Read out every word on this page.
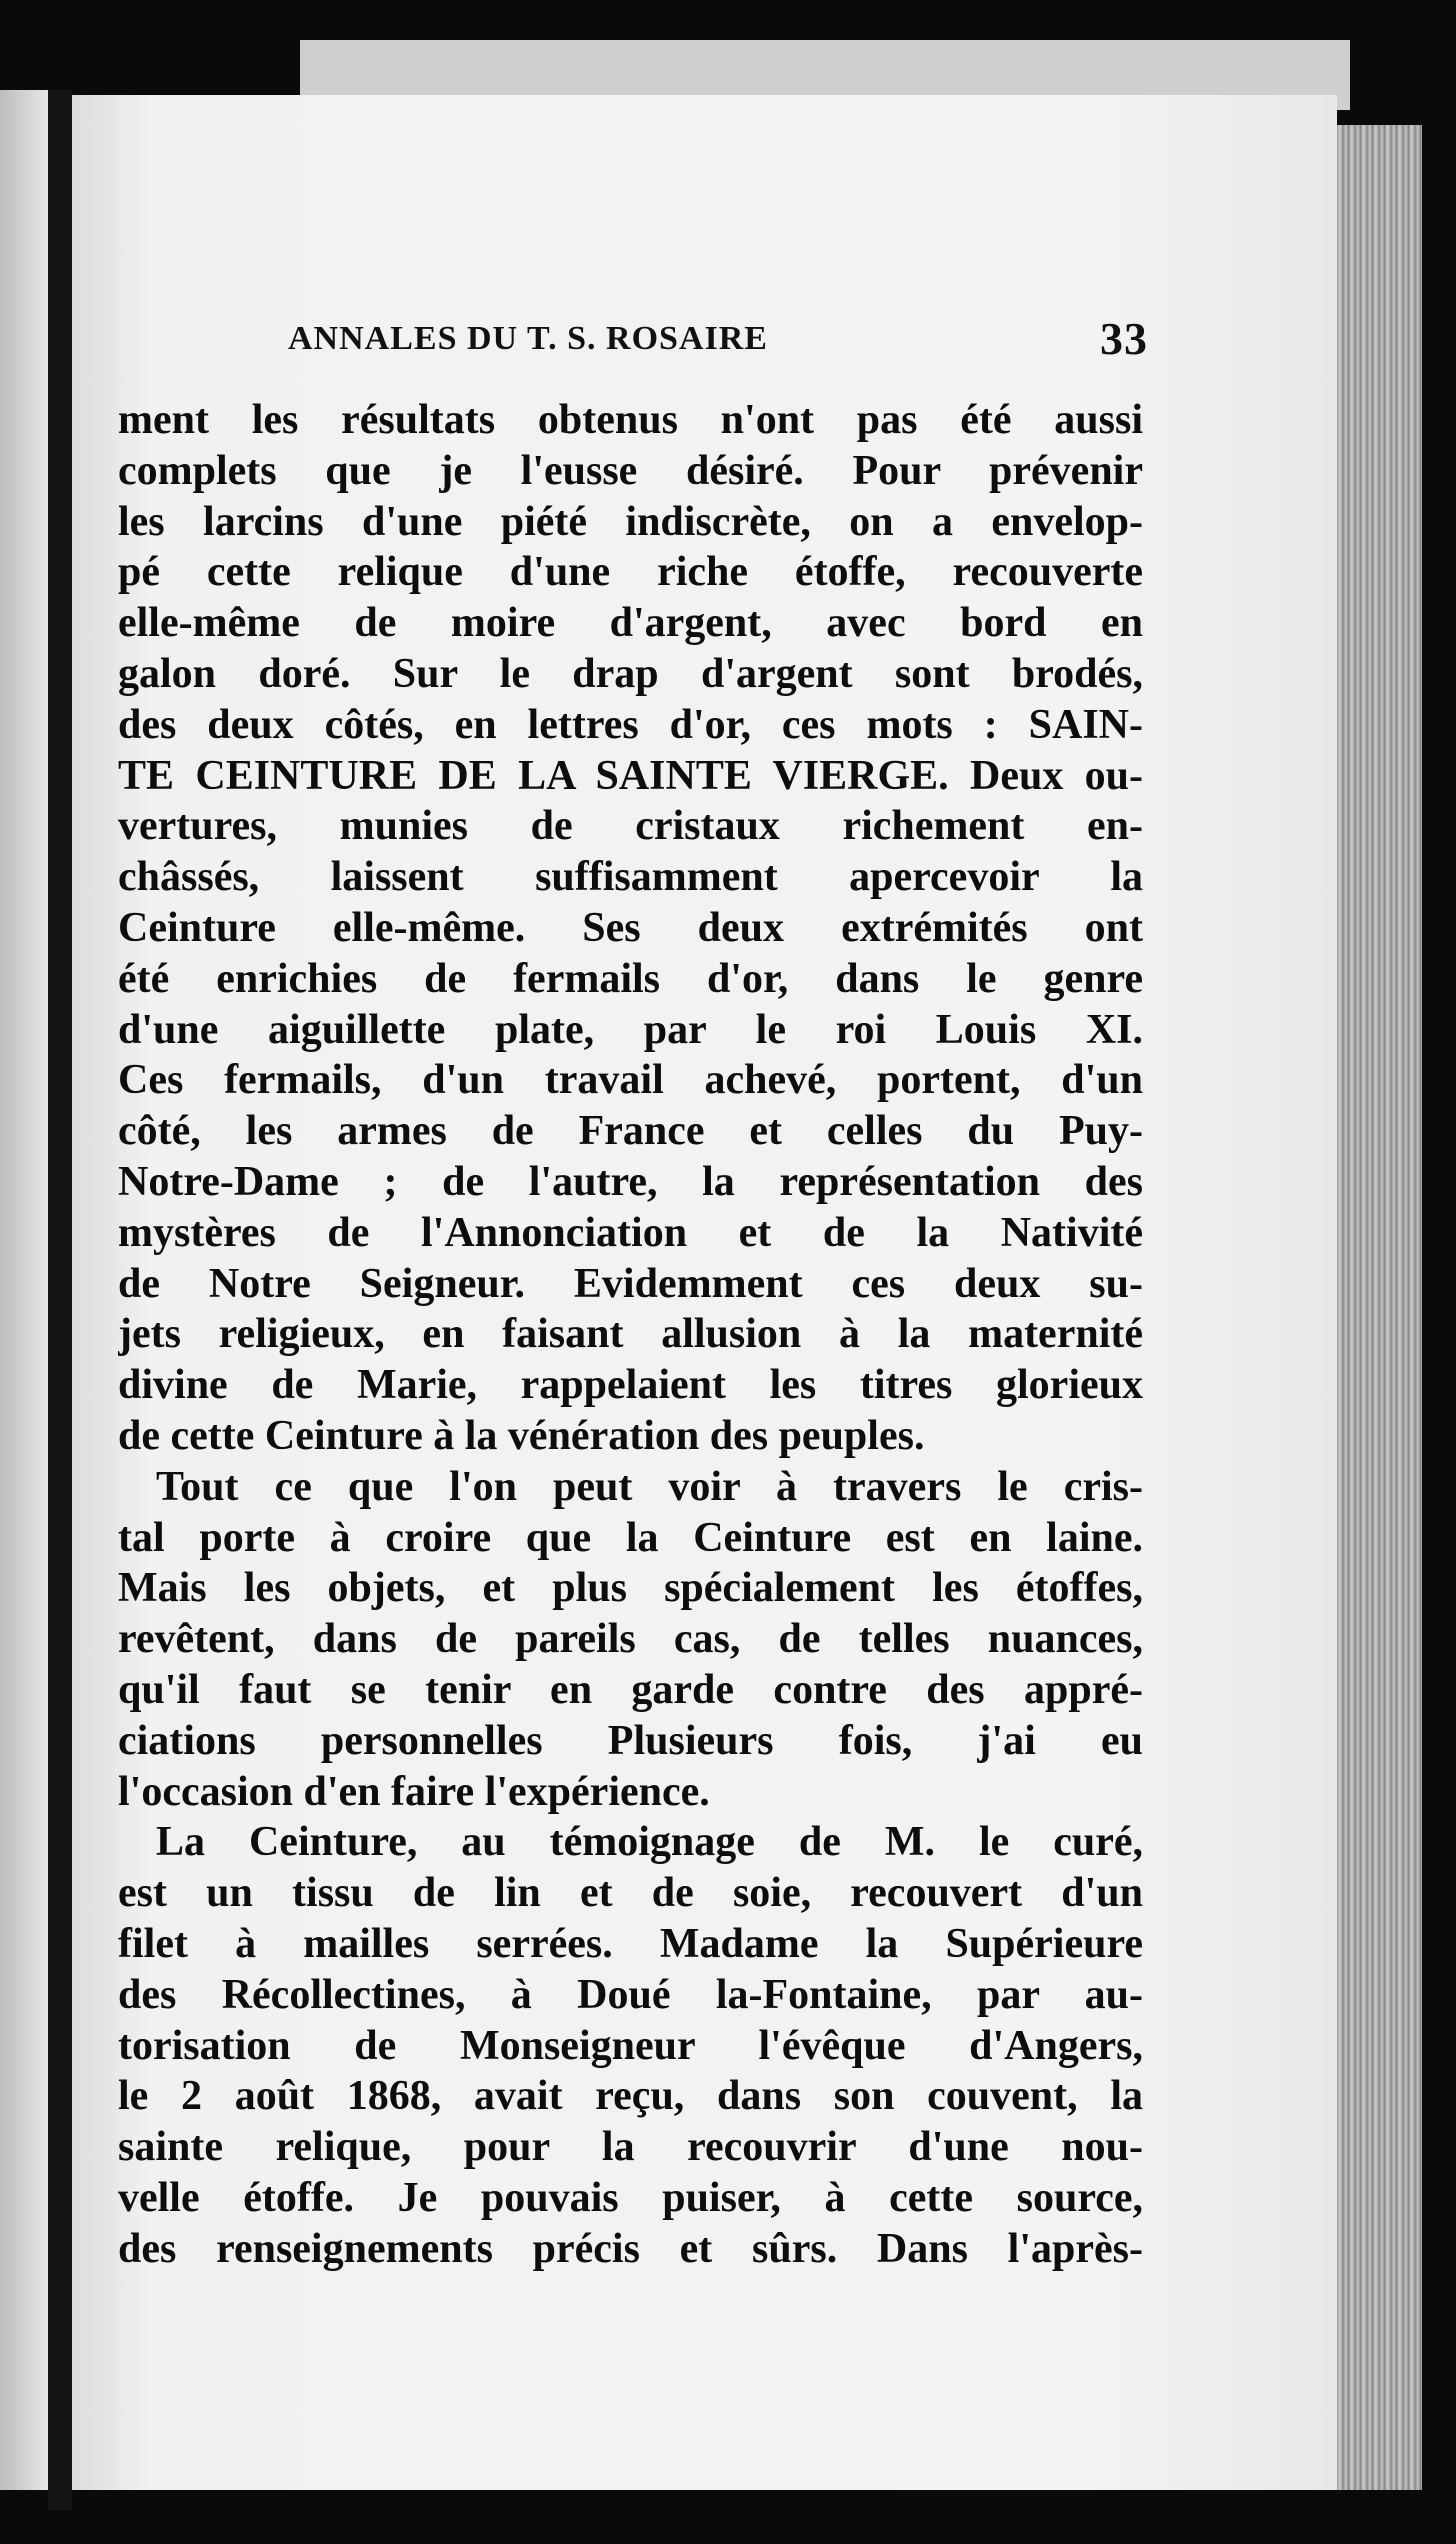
ANNALES DU T. S. ROSAIRE	33
ment les résultats obtenus n'ont pas été aussi
complets que je l'eusse désiré. Pour prévenir
les larcins d'une piété indiscrète, on a envelop-
pé cette relique d'une riche étoffe, recouverte
elle-même de moire d'argent, avec bord en
galon doré. Sur le drap d'argent sont brodés,
des deux côtés, en lettres d'or, ces mots : SAIN-
TE CEINTURE DE LA SAINTE VIERGE. Deux ou-
vertures, munies de cristaux richement en-
châssés, laissent suffisamment apercevoir la
Ceinture elle-même. Ses deux extrémités ont
été enrichies de fermails d'or, dans le genre
d'une aiguillette plate, par le roi Louis XI.
Ces fermails, d'un travail achevé, portent, d'un
côté, les armes de France et celles du Puy-
Notre-Dame ; de l'autre, la représentation des
mystères de l'Annonciation et de la Nativité
de Notre Seigneur. Evidemment ces deux su-
jets religieux, en faisant allusion à la maternité
divine de Marie, rappelaient les titres glorieux
de cette Ceinture à la vénération des peuples.
Tout ce que l'on peut voir à travers le cris-
tal porte à croire que la Ceinture est en laine.
Mais les objets, et plus spécialement les étoffes,
revêtent, dans de pareils cas, de telles nuances,
qu'il faut se tenir en garde contre des appré-
ciations personnelles Plusieurs fois, j'ai eu
l'occasion d'en faire l'expérience.
La Ceinture, au témoignage de M. le curé,
est un tissu de lin et de soie, recouvert d'un
filet à mailles serrées. Madame la Supérieure
des Récollectines, à Doué la-Fontaine, par au-
torisation de Monseigneur l'évêque d'Angers,
le 2 août 1868, avait reçu, dans son couvent, la
sainte relique, pour la recouvrir d'une nou-
velle étoffe. Je pouvais puiser, à cette source,
des renseignements précis et sûrs. Dans l'après-
